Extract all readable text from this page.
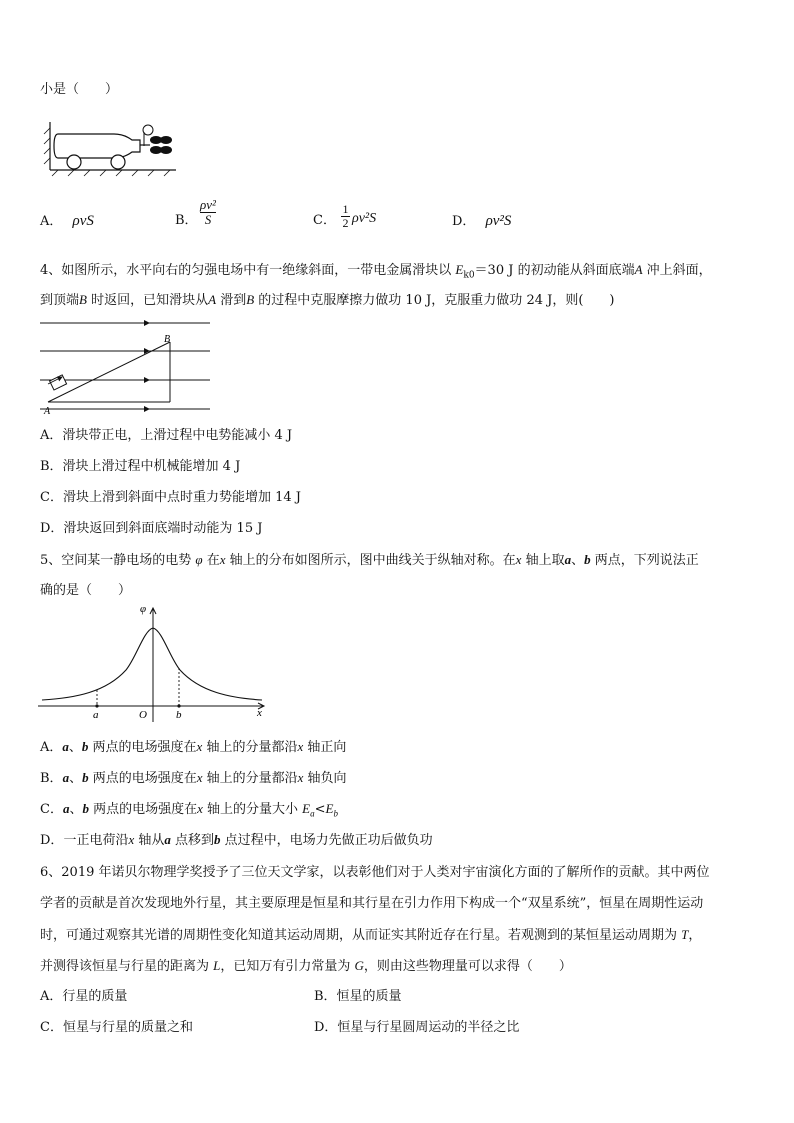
小是（　　）
A． ρvS	B．
ρv²
S	C．
1
2 ρv²S	D． ρv²S
4、如图所示，水平向右的匀强电场中有一绝缘斜面，一带电金属滑块以 $E_{k0}=30$ J 的初动能从斜面底端A 冲上斜面，
到顶端B 时返回，已知滑块从A 滑到B 的过程中克服摩擦力做功 10 J，克服重力做功 24 J，则(　　)
A
B
A．滑块带正电，上滑过程中电势能减小 4 J
B．滑块上滑过程中机械能增加 4 J
C．滑块上滑到斜面中点时重力势能增加 14 J
D．滑块返回到斜面底端时动能为 15 J
5、空间某一静电场的电势 φ 在x 轴上的分布如图所示，图中曲线关于纵轴对称。在x 轴上取a、b 两点，下列说法正
确的是（　　）
φ
x
O
a	b
A．a、b 两点的电场强度在x 轴上的分量都沿x 轴正向
B．a、b 两点的电场强度在x 轴上的分量都沿x 轴负向
C．a、b 两点的电场强度在x 轴上的分量大小 $E_a<E_b$
D．一正电荷沿x 轴从a 点移到b 点过程中，电场力先做正功后做负功
6、2019 年诺贝尔物理学奖授予了三位天文学家，以表彰他们对于人类对宇宙演化方面的了解所作的贡献。其中两位
学者的贡献是首次发现地外行星，其主要原理是恒星和其行星在引力作用下构成一个“双星系统”，恒星在周期性运动
时，可通过观察其光谱的周期性变化知道其运动周期，从而证实其附近存在行星。若观测到的某恒星运动周期为 T，
并测得该恒星与行星的距离为 L，已知万有引力常量为 G，则由这些物理量可以求得（　　）
A．行星的质量	B．恒星的质量
C．恒星与行星的质量之和	D．恒星与行星圆周运动的半径之比
